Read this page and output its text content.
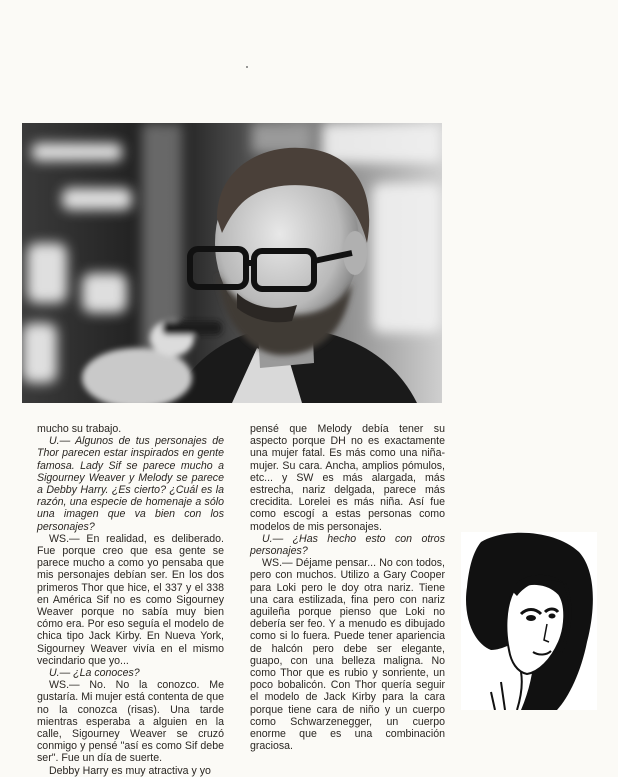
mucho su trabajo.

U.— Algunos de tus personajes de Thor parecen estar inspirados en gente famosa. Lady Sif se parece mucho a Sigourney Weaver y Melody se parece a Debby Harry. ¿Es cierto? ¿Cuál es la razón, una especie de homenaje a sólo una imagen que va bien con los personajes?

WS.— En realidad, es deliberado. Fue porque creo que esa gente se parece mucho a como yo pensaba que mis personajes debían ser. En los dos primeros Thor que hice, el 337 y el 338 en América Sif no es como Sigourney Weaver porque no sabía muy bien cómo era. Por eso seguía el modelo de chica tipo Jack Kirby. En Nueva York, Sigourney Weaver vivía en el mismo vecindario que yo...

U.— ¿La conoces?

WS.— No. No la conozco. Me gustaría. Mi mujer está contenta de que no la conozca (risas). Una tarde mientras esperaba a alguien en la calle, Sigourney Weaver se cruzó conmigo y pensé "así es como Sif debe ser". Fue un día de suerte.

Debby Harry es muy atractiva y yo

pensé que Melody debía tener su aspecto porque DH no es exactamente una mujer fatal. Es más como una niña-mujer. Su cara. Ancha, amplios pómulos, etc... y SW es más alargada, más estrecha, nariz delgada, parece más crecidita. Lorelei es más niña. Así fue como escogí a estas personas como modelos de mis personajes.

U.— ¿Has hecho esto con otros personajes?

WS.— Déjame pensar... No con todos, pero con muchos. Utilizo a Gary Cooper para Loki pero le doy otra nariz. Tiene una cara estilizada, fina pero con nariz aguileña porque pienso que Loki no debería ser feo. Y a menudo es dibujado como si lo fuera. Puede tener apariencia de halcón pero debe ser elegante, guapo, con una belleza maligna. No como Thor que es rubio y sonriente, un poco bobalicón. Con Thor quería seguir el modelo de Jack Kirby para la cara porque tiene cara de niño y un cuerpo como Schwarzenegger, un cuerpo enorme que es una combinación graciosa.
